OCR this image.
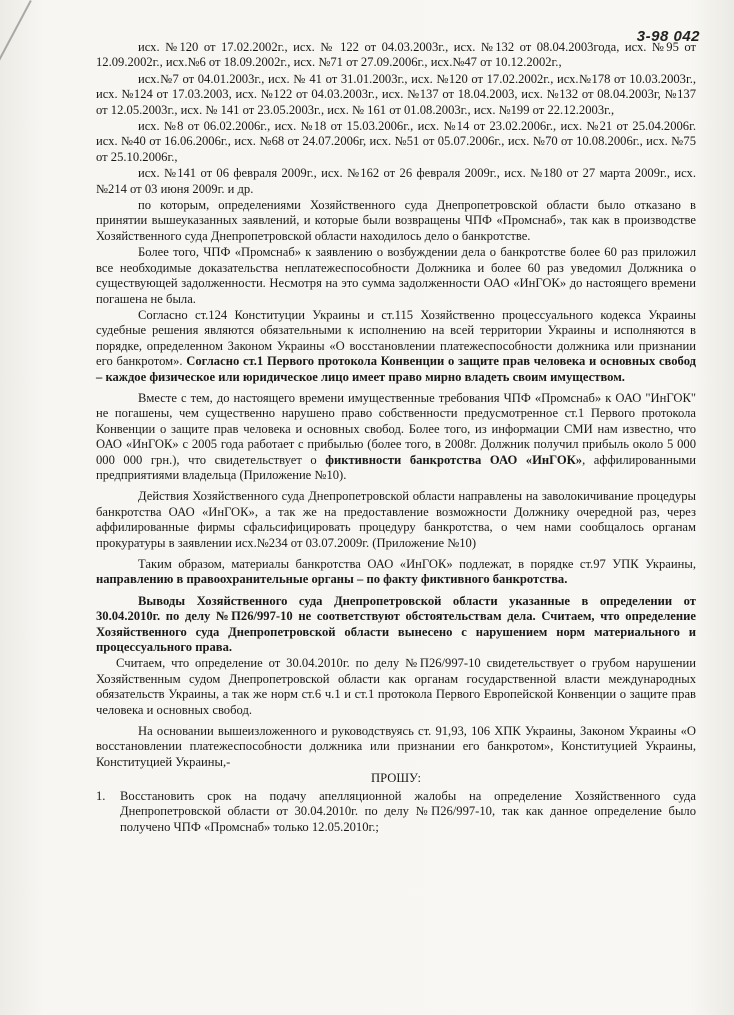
3-98 042

исх. №120 от 17.02.2002г., исх. № 122 от 04.03.2003г., исх. №132 от 08.04.2003года, исх. №95 от 12.09.2002г., исх.№6 от 18.09.2002г., исх. №71 от 27.09.2006г., исх.№47 от 10.12.2002г.,

исх.№7 от 04.01.2003г., исх. № 41 от 31.01.2003г., исх. №120 от 17.02.2002г., исх.№178 от 10.03.2003г., исх. №124 от 17.03.2003, исх. №122 от 04.03.2003г., исх. №137 от 18.04.2003, исх. №132 от 08.04.2003г, №137 от 12.05.2003г., исх. № 141 от 23.05.2003г., исх. № 161 от 01.08.2003г., исх. №199 от 22.12.2003г.,

исх. №8 от 06.02.2006г., исх. №18 от 15.03.2006г., исх. №14 от 23.02.2006г., исх. №21 от 25.04.2006г. исх. №40 от 16.06.2006г., исх. №68 от 24.07.2006г, исх. №51 от 05.07.2006г., исх. №70 от 10.08.2006г., исх. №75 от 25.10.2006г.,

исх. №141 от 06 февраля 2009г., исх. №162 от 26 февраля 2009г., исх. №180 от 27 марта 2009г., исх. №214 от 03 июня 2009г. и др.

по которым, определениями Хозяйственного суда Днепропетровской области было отказано в принятии вышеуказанных заявлений, и которые были возвращены ЧПФ «Промснаб», так как в производстве Хозяйственного суда Днепропетровской области находилось дело о банкротстве.

Более того, ЧПФ «Промснаб» к заявлению о возбуждении дела о банкротстве более 60 раз приложил все необходимые доказательства неплатежеспособности Должника и более 60 раз уведомил Должника о существующей задолженности. Несмотря на это сумма задолженности ОАО «ИнГОК» до настоящего времени погашена не была.

Согласно ст.124 Конституции Украины и ст.115 Хозяйственно процессуального кодекса Украины судебные решения являются обязательными к исполнению на всей территории Украины и исполняются в порядке, определенном Законом Украины «О восстановлении платежеспособности должника или признании его банкротом». Согласно ст.1 Первого протокола Конвенции о защите прав человека и основных свобод – каждое физическое или юридическое лицо имеет право мирно владеть своим имуществом.

Вместе с тем, до настоящего времени имущественные требования ЧПФ «Промснаб» к ОАО "ИнГОК" не погашены, чем существенно нарушено право собственности предусмотренное ст.1 Первого протокола Конвенции о защите прав человека и основных свобод. Более того, из информации СМИ нам известно, что ОАО «ИнГОК» с 2005 года работает с прибылью (более того, в 2008г. Должник получил прибыль около 5 000 000 000 грн.), что свидетельствует о фиктивности банкротства ОАО «ИнГОК», аффилированными предприятиями владельца (Приложение №10).

Действия Хозяйственного суда Днепропетровской области направлены на заволокичивание процедуры банкротства ОАО «ИнГОК», а так же на предоставление возможности Должнику очередной раз, через аффилированные фирмы сфальсифицировать процедуру банкротства, о чем нами сообщалось органам прокуратуры в заявлении исх.№234 от 03.07.2009г. (Приложение №10)

Таким образом, материалы банкротства ОАО «ИнГОК» подлежат, в порядке ст.97 УПК Украины, направлению в правоохранительные органы – по факту фиктивного банкротства.

Выводы Хозяйственного суда Днепропетровской области указанные в определении от 30.04.2010г. по делу №П26/997-10 не соответствуют обстоятельствам дела. Считаем, что определение Хозяйственного суда Днепропетровской области вынесено с нарушением норм материального и процессуального права.

Считаем, что определение от 30.04.2010г. по делу №П26/997-10 свидетельствует о грубом нарушении Хозяйственным судом Днепропетровской области как органам государственной власти международных обязательств Украины, а так же норм ст.6 ч.1 и ст.1 протокола Первого Европейской Конвенции о защите прав человека и основных свобод.

На основании вышеизложенного и руководствуясь ст. 91,93, 106 ХПК Украины, Законом Украины «О восстановлении платежеспособности должника или признании его банкротом», Конституцией Украины, Конституцией Украины,-

ПРОШУ:

1.	Восстановить срок на подачу апелляционной жалобы на определение Хозяйственного суда Днепропетровской области от 30.04.2010г. по делу №П26/997-10, так как данное определение было получено ЧПФ «Промснаб» только 12.05.2010г.;
